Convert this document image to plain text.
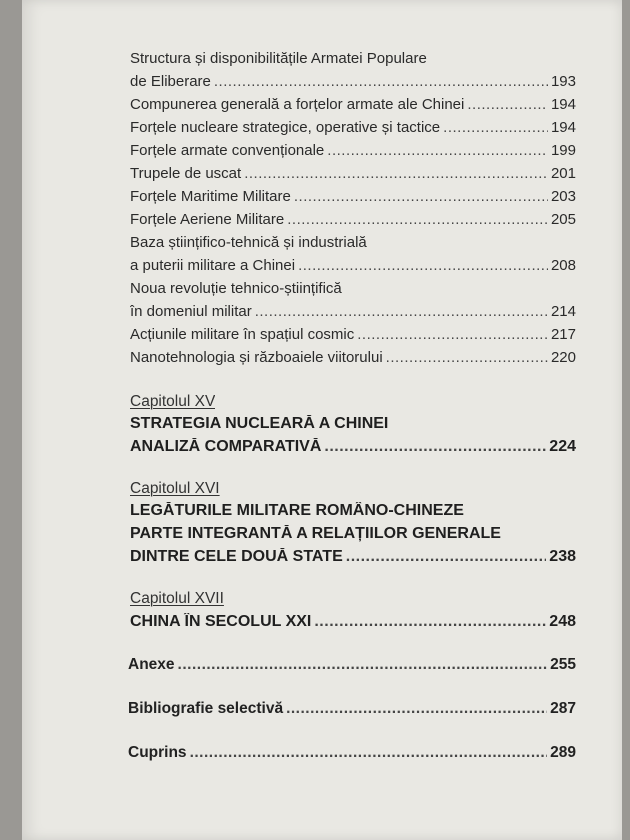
Structura și disponibilitățile Armatei Populare
de Eliberare .....	193
Compunerea generală a forțelor armate ale Chinei .....	194
Forțele nucleare strategice, operative și tactice .....	194
Forțele armate convenționale .....	199
Trupele de uscat .....	201
Forțele Maritime Militare .....	203
Forțele Aeriene Militare .....	205
Baza științifico-tehnică și industrială
a puterii militare a Chinei .....	208
Noua revoluție tehnico-științifică
în domeniul militar .....	214
Acțiunile militare în spațiul cosmic .....	217
Nanotehnologia și războaiele viitorului .....	220
Capitolul XV
STRATEGIA NUCLEARĂ A CHINEI
ANALIZĂ COMPARATIVĂ .....	224
Capitolul XVI
LEGĂTURILE MILITARE ROMÂNO-CHINEZE
PARTE INTEGRANTĂ A RELAȚIILOR GENERALE
DINTRE CELE DOUĂ STATE .....	238
Capitolul XVII
CHINA ÎN SECOLUL XXI .....	248
Anexe .....	255
Bibliografie selectivă .....	287
Cuprins .....	289
